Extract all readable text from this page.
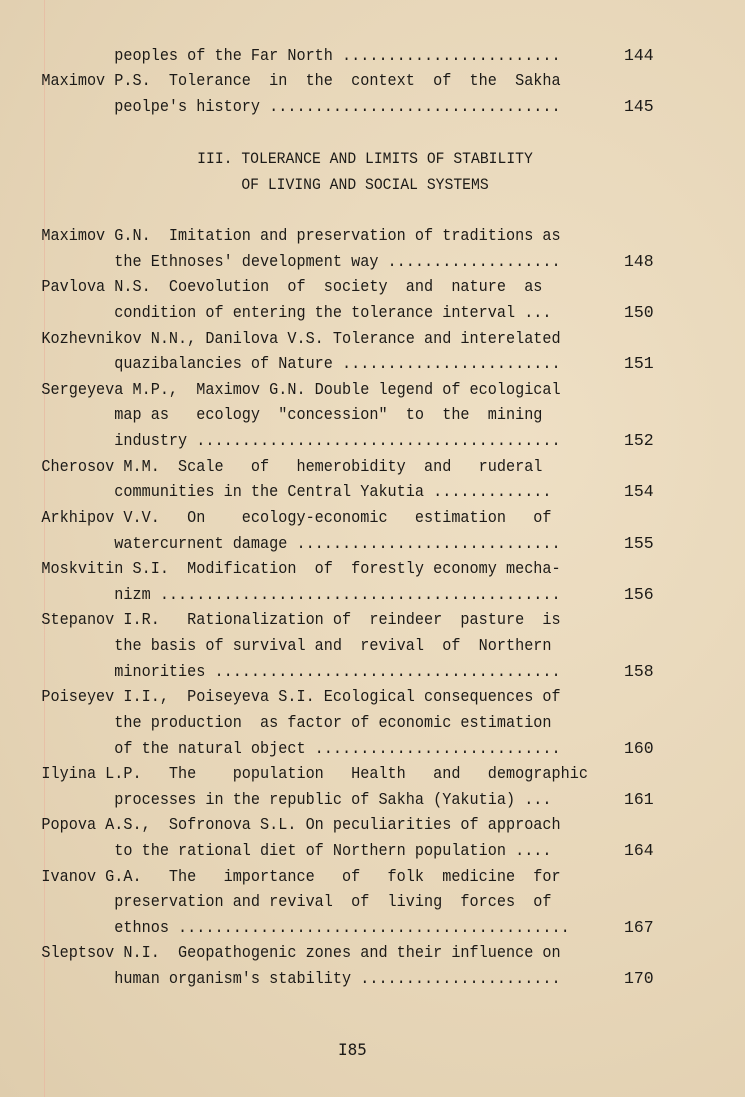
peoples of the Far North ........................	144
Maximov P.S.  Tolerance  in  the  context  of  the  Sakha
peolpe's history ................................	145
III. TOLERANCE AND LIMITS OF STABILITY
OF LIVING AND SOCIAL SYSTEMS
Maximov G.N.  Imitation and preservation of traditions as
the Ethnoses' development way ...................	148
Pavlova N.S.  Coevolution  of  society  and  nature  as
condition of entering the tolerance interval ...	150
Kozhevnikov N.N., Danilova V.S. Tolerance and interelated
quazibalancies of Nature ........................	151
Sergeyeva M.P.,  Maximov G.N. Double legend of ecological
map as   ecology  "concession"  to  the  mining
industry ........................................	152
Cherosov M.M.  Scale   of   hemerobidity  and   ruderal
communities in the Central Yakutia .............	154
Arkhipov V.V.   On    ecology-economic   estimation   of
watercurnent damage .............................	155
Moskvitin S.I.  Modification  of  forestly economy mecha-
nizm ............................................	156
Stepanov I.R.   Rationalization of  reindeer  pasture  is
the basis of survival and  revival  of  Northern
minorities ......................................	158
Poiseyev I.I.,  Poiseyeva S.I. Ecological consequences of
the production  as factor of economic estimation
of the natural object ...........................	160
Ilyina L.P.   The    population   Health   and   demographic
processes in the republic of Sakha (Yakutia) ...	161
Popova A.S.,  Sofronova S.L. On peculiarities of approach
to the rational diet of Northern population ....	164
Ivanov G.A.   The   importance   of   folk  medicine  for
preservation and revival  of  living  forces  of
ethnos ...........................................	167
Sleptsov N.I.  Geopathogenic zones and their influence on
human organism's stability ......................	170
I85
